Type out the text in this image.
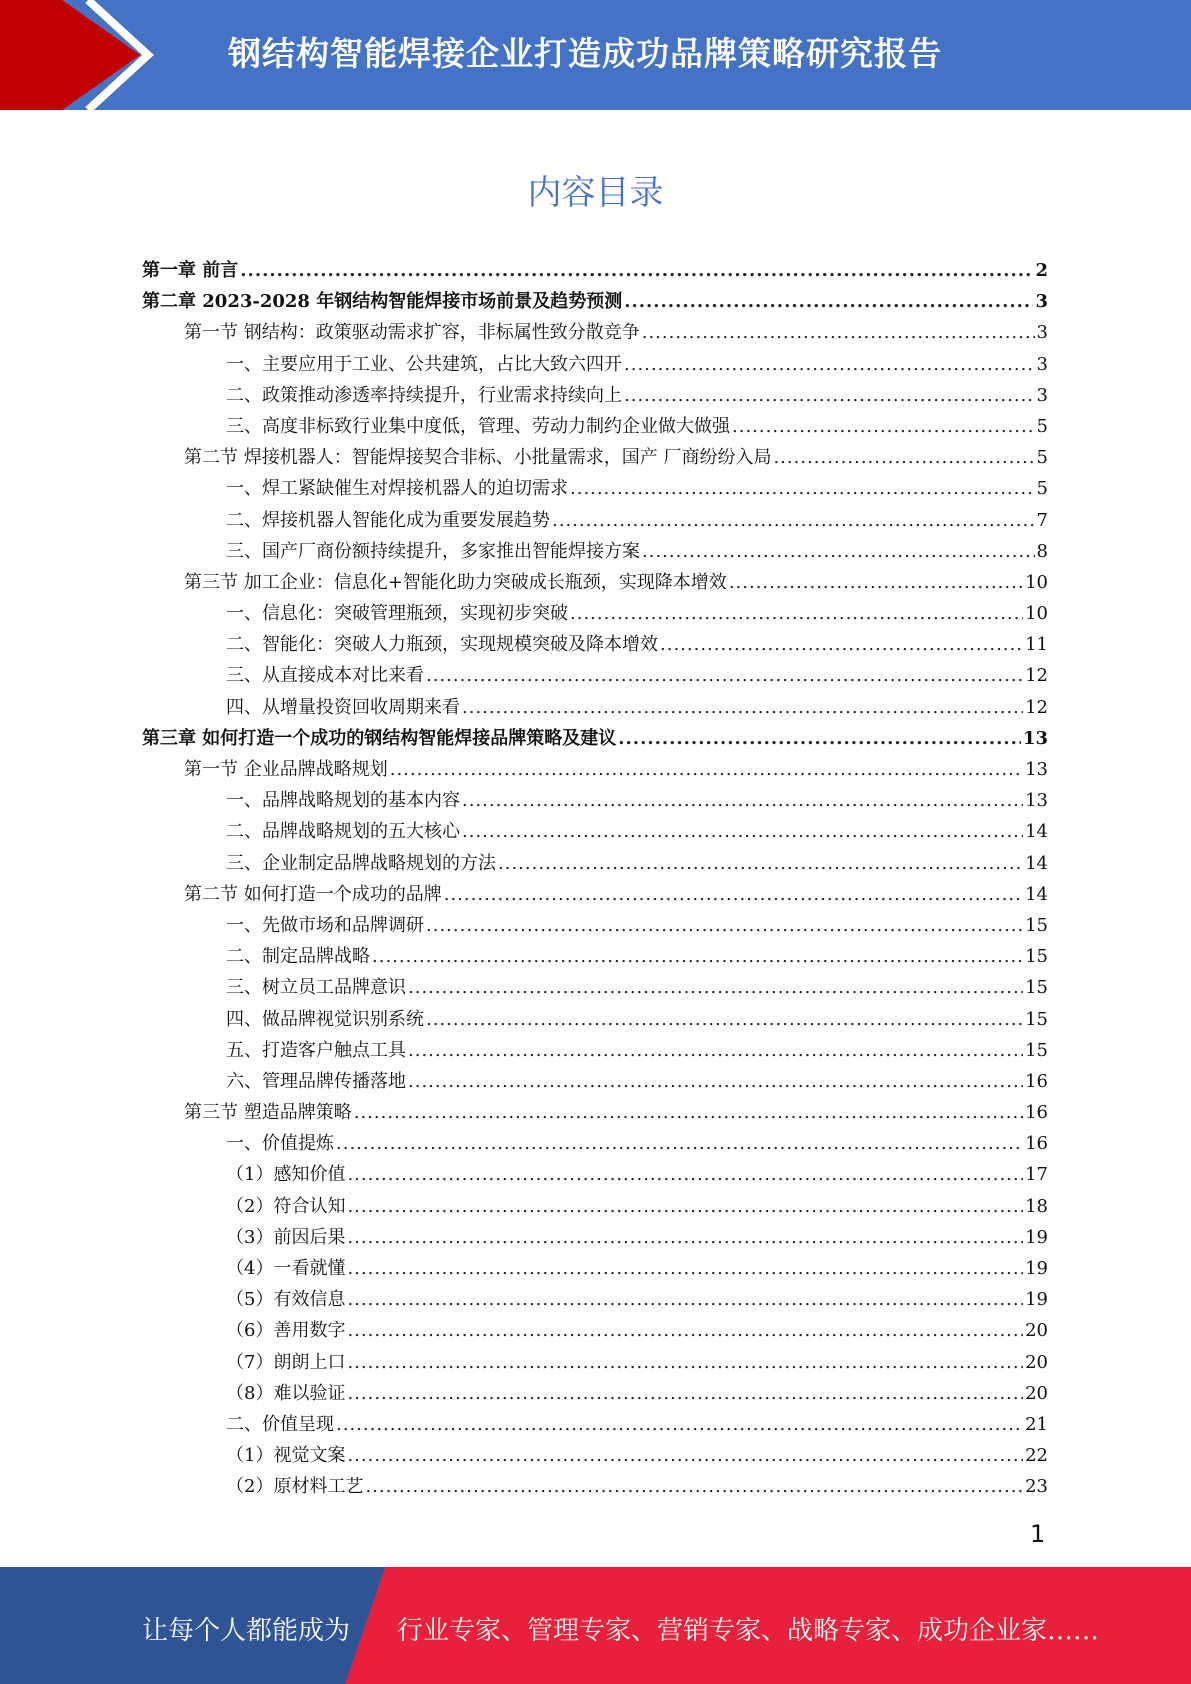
钢结构智能焊接企业打造成功品牌策略研究报告
内容目录
第一章 前言 .....	2
第二章 2023-2028 年钢结构智能焊接市场前景及趋势预测 .....	3
第一节 钢结构：政策驱动需求扩容，非标属性致分散竞争 .....	3
一、主要应用于工业、公共建筑，占比大致六四开 .....	3
二、政策推动渗透率持续提升，行业需求持续向上 .....	3
三、高度非标致行业集中度低，管理、劳动力制约企业做大做强 .....	5
第二节 焊接机器人：智能焊接契合非标、小批量需求，国产 厂商纷纷入局 .....	5
一、焊工紧缺催生对焊接机器人的迫切需求 .....	5
二、焊接机器人智能化成为重要发展趋势 .....	7
三、国产厂商份额持续提升，多家推出智能焊接方案 .....	8
第三节 加工企业：信息化+智能化助力突破成长瓶颈，实现降本增效 .....	10
一、信息化：突破管理瓶颈，实现初步突破 .....	10
二、智能化：突破人力瓶颈，实现规模突破及降本增效 .....	11
三、从直接成本对比来看 .....	12
四、从增量投资回收周期来看 .....	12
第三章 如何打造一个成功的钢结构智能焊接品牌策略及建议 .....	13
第一节 企业品牌战略规划 .....	13
一、品牌战略规划的基本内容 .....	13
二、品牌战略规划的五大核心 .....	14
三、企业制定品牌战略规划的方法 .....	14
第二节 如何打造一个成功的品牌 .....	14
一、先做市场和品牌调研 .....	15
二、制定品牌战略 .....	15
三、树立员工品牌意识 .....	15
四、做品牌视觉识别系统 .....	15
五、打造客户触点工具 .....	15
六、管理品牌传播落地 .....	16
第三节 塑造品牌策略 .....	16
一、价值提炼 .....	16
（1）感知价值 .....	17
（2）符合认知 .....	18
（3）前因后果 .....	19
（4）一看就懂 .....	19
（5）有效信息 .....	19
（6）善用数字 .....	20
（7）朗朗上口 .....	20
（8）难以验证 .....	20
二、价值呈现 .....	21
（1）视觉文案 .....	22
（2）原材料工艺 .....	23
1
让每个人都能成为 行业专家、管理专家、营销专家、战略专家、成功企业家……
